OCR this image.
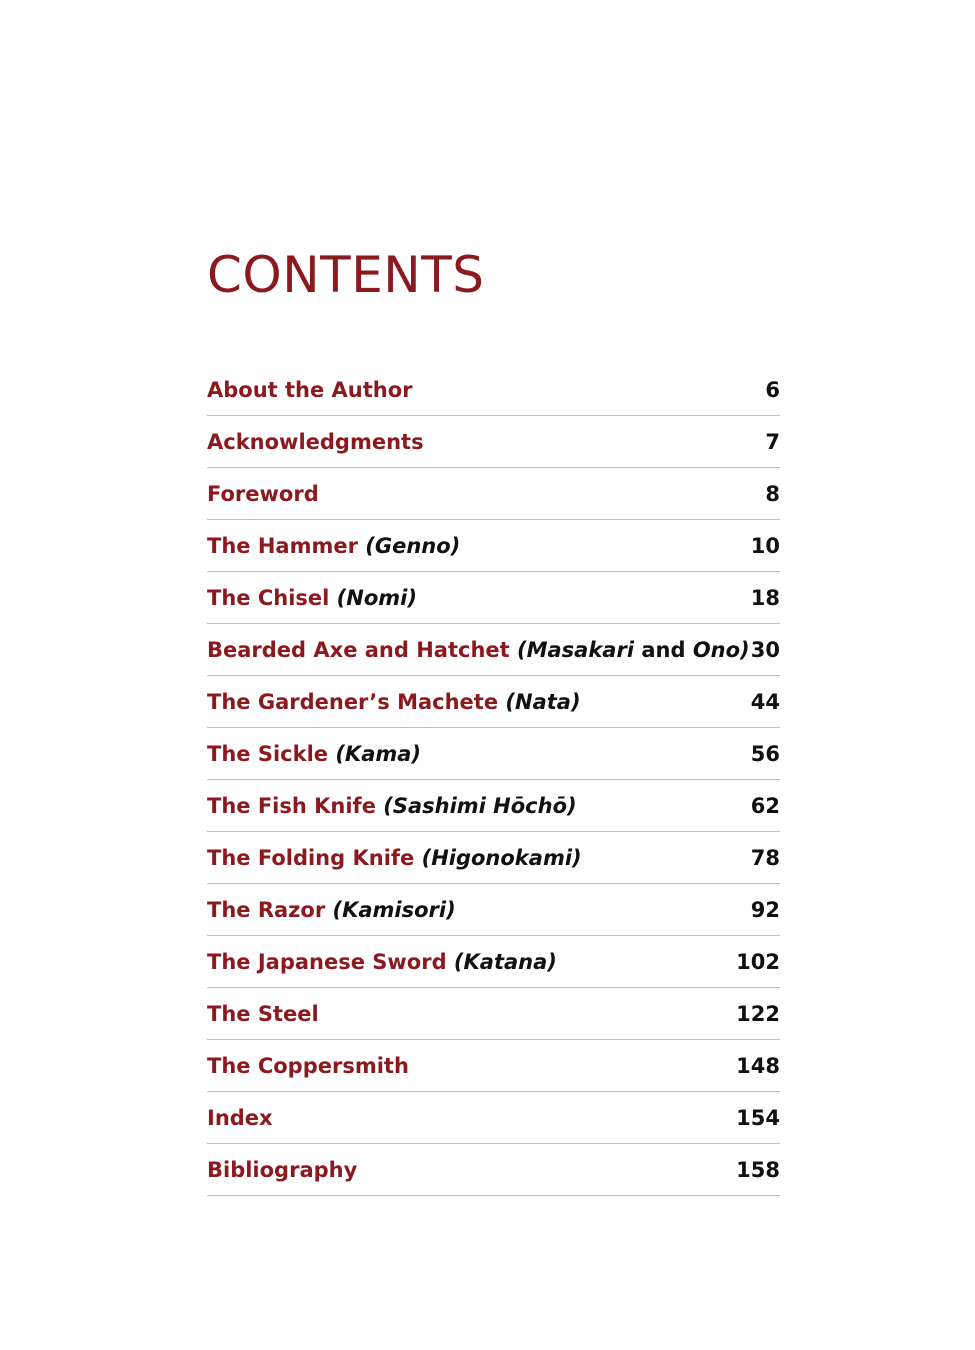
CONTENTS
About the Author	6
Acknowledgments	7
Foreword	8
The Hammer (Genno)	10
The Chisel (Nomi)	18
Bearded Axe and Hatchet (Masakari and Ono) 30
The Gardener’s Machete (Nata)	44
The Sickle (Kama)	56
The Fish Knife (Sashimi Hōchō)	62
The Folding Knife (Higonokami)	78
The Razor (Kamisori)	92
The Japanese Sword (Katana)	102
The Steel	122
The Coppersmith	148
Index	154
Bibliography	158
